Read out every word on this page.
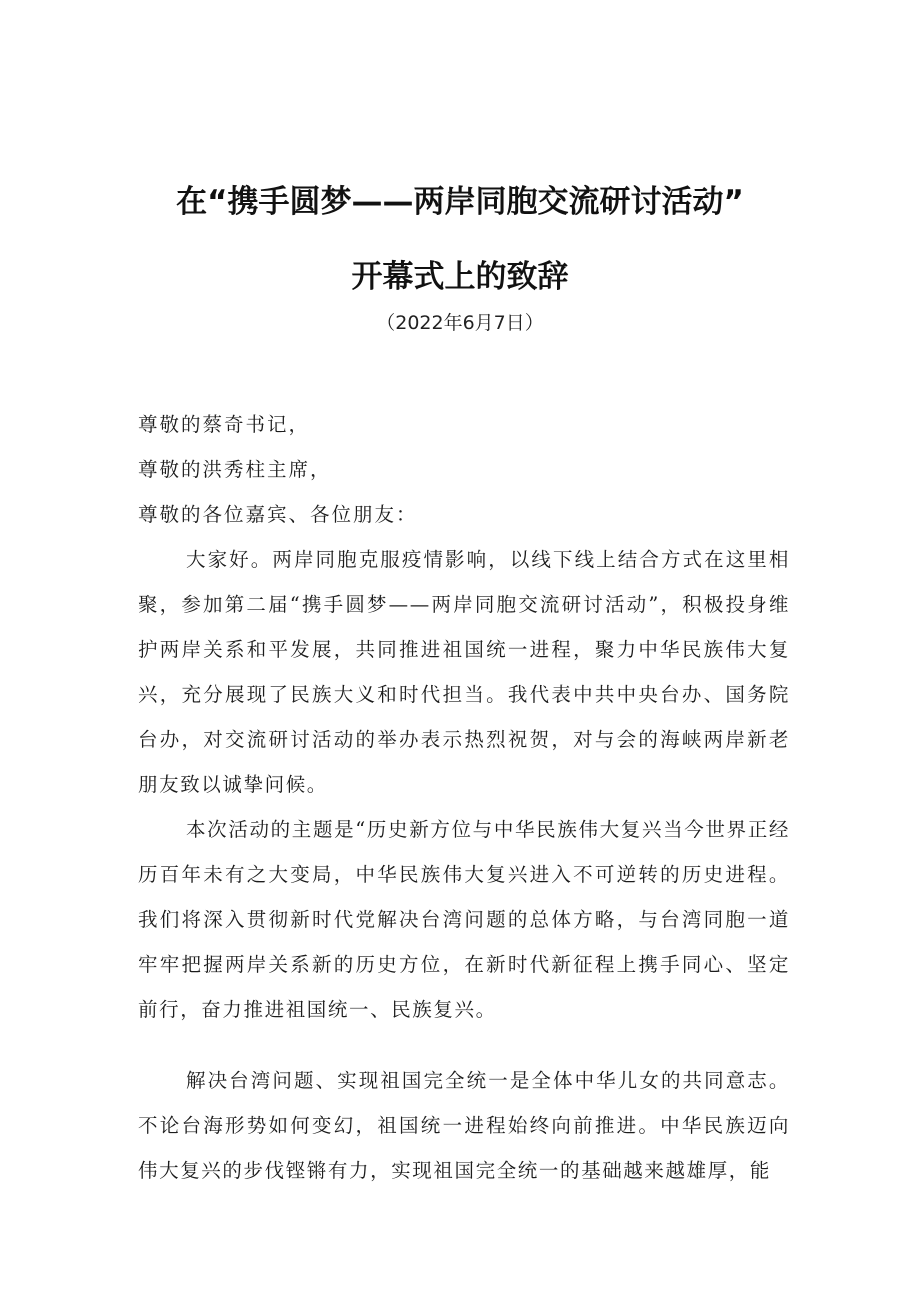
在“携手圆梦——两岸同胞交流研讨活动”
开幕式上的致辞
（2022年6月7日）

尊敬的蔡奇书记，

尊敬的洪秀柱主席，

尊敬的各位嘉宾、各位朋友：

大家好。两岸同胞克服疫情影响，以线下线上结合方式在这里相聚，参加第二届“携手圆梦——两岸同胞交流研讨活动”，积极投身维护两岸关系和平发展，共同推进祖国统一进程，聚力中华民族伟大复兴，充分展现了民族大义和时代担当。我代表中共中央台办、国务院台办，对交流研讨活动的举办表示热烈祝贺，对与会的海峡两岸新老朋友致以诚挚问候。

本次活动的主题是“历史新方位与中华民族伟大复兴当今世界正经历百年未有之大变局，中华民族伟大复兴进入不可逆转的历史进程。我们将深入贯彻新时代党解决台湾问题的总体方略，与台湾同胞一道牢牢把握两岸关系新的历史方位，在新时代新征程上携手同心、坚定前行，奋力推进祖国统一、民族复兴。

解决台湾问题、实现祖国完全统一是全体中华儿女的共同意志。不论台海形势如何变幻，祖国统一进程始终向前推进。中华民族迈向伟大复兴的步伐铿锵有力，实现祖国完全统一的基础越来越雄厚，能
